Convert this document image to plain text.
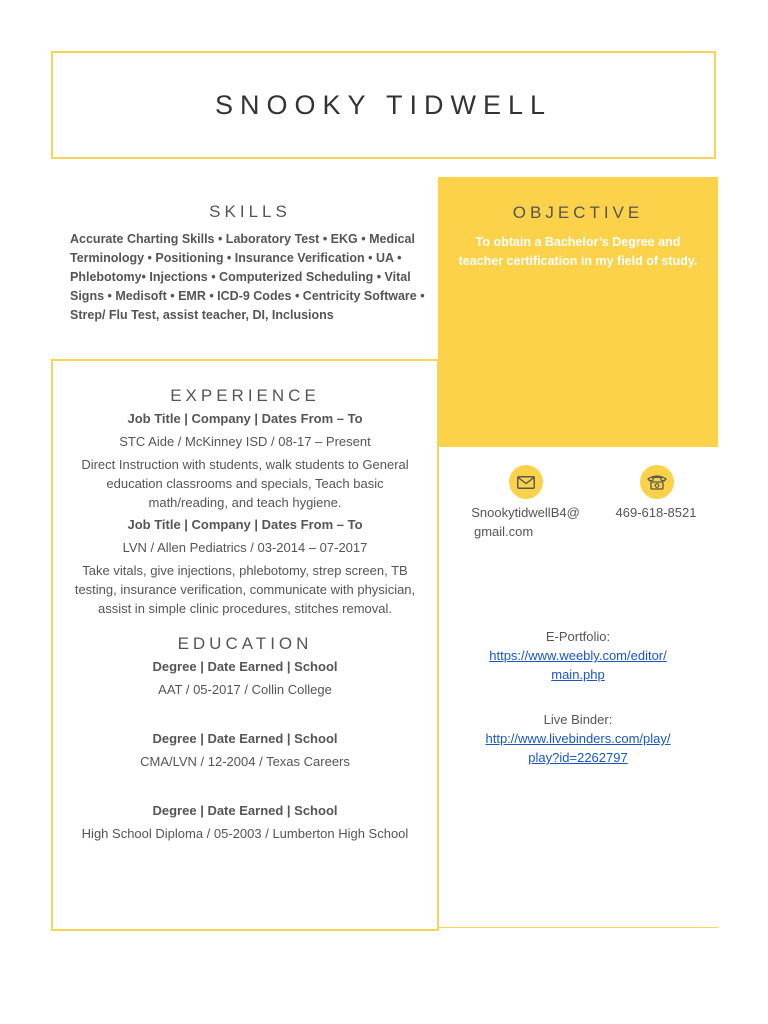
SNOOKY TIDWELL
SKILLS
Accurate Charting Skills • Laboratory Test • EKG • Medical Terminology • Positioning • Insurance Verification • UA • Phlebotomy• Injections • Computerized Scheduling • Vital Signs • Medisoft • EMR • ICD-9 Codes • Centricity Software • Strep/ Flu Test, assist teacher, DI, Inclusions
OBJECTIVE
To obtain a Bachelor’s Degree and teacher certification in my field of study.
EXPERIENCE
Job Title | Company | Dates From – To
STC Aide / McKinney ISD / 08-17 – Present
Direct Instruction with students, walk students to General education classrooms and specials, Teach basic math/reading, and teach hygiene.
Job Title | Company | Dates From – To
LVN / Allen Pediatrics / 03-2014 – 07-2017
Take vitals, give injections, phlebotomy, strep screen, TB testing, insurance verification, communicate with physician, assist in simple clinic procedures, stitches removal.
EDUCATION
Degree | Date Earned | School
AAT / 05-2017 / Collin College
Degree | Date Earned | School
CMA/LVN / 12-2004 / Texas Careers
Degree | Date Earned | School
High School Diploma / 05-2003 / Lumberton High School
SnookytidwellB4@
gmail.com
469-618-8521
E-Portfolio:
https://www.weebly.com/editor/
main.php
Live Binder:
http://www.livebinders.com/play/
play?id=2262797
